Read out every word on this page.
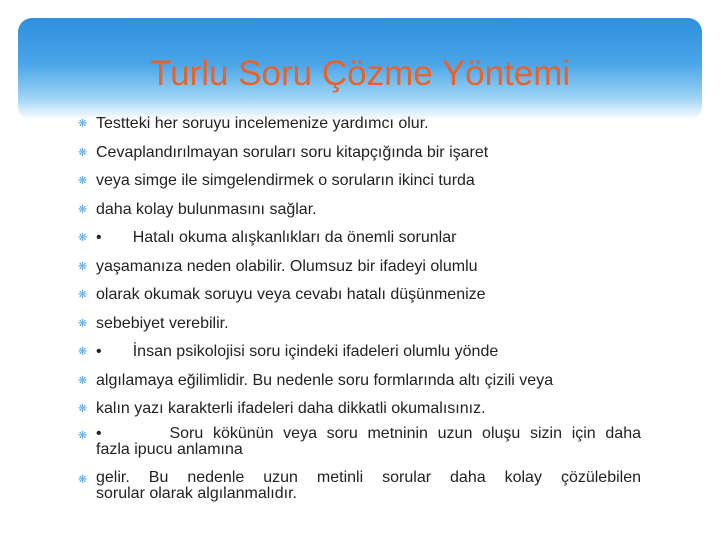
Turlu Soru Çözme Yöntemi
❋ Testteki her soruyu incelemenize yardımcı olur.
❋ Cevaplandırılmayan soruları soru kitapçığında bir işaret
❋ veya simge ile simgelendirmek o soruların ikinci turda
❋ daha kolay bulunmasını sağlar.
❋ •       Hatalı okuma alışkanlıkları da önemli sorunlar
❋ yaşamanıza neden olabilir. Olumsuz bir ifadeyi olumlu
❋ olarak okumak soruyu veya cevabı hatalı düşünmenize
❋ sebebiyet verebilir.
❋ •       İnsan psikolojisi soru içindeki ifadeleri olumlu yönde
❋ algılamaya eğilimlidir. Bu nedenle soru formlarında altı çizili veya
❋ kalın yazı karakterli ifadeleri daha dikkatli okumalısınız.
❋ •       Soru kökünün veya soru metninin uzun oluşu sizin için daha
fazla ipucu anlamına
❋ gelir. Bu nedenle uzun metinli sorular daha kolay çözülebilen
sorular olarak algılanmalıdır.
